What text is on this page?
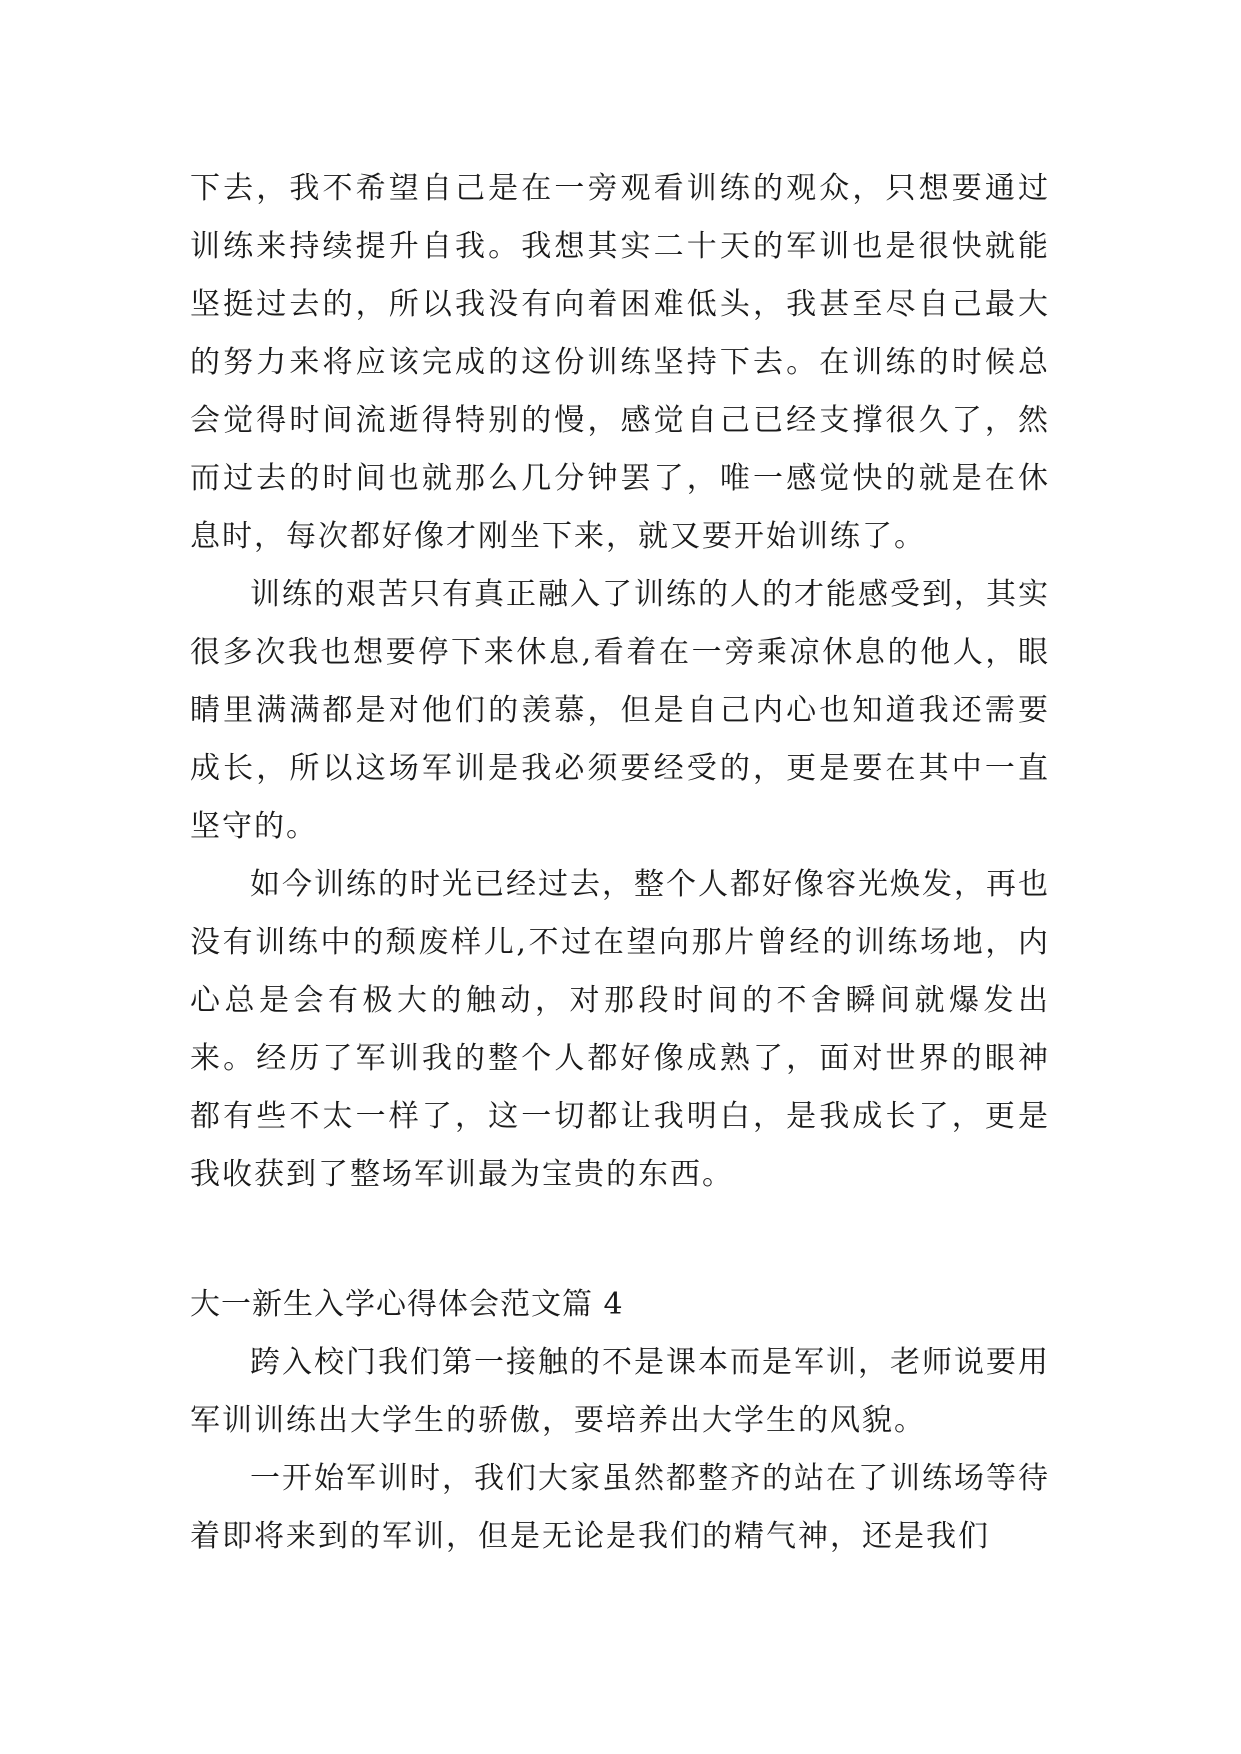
下去，我不希望自己是在一旁观看训练的观众，只想要通过训练来持续提升自我。我想其实二十天的军训也是很快就能坚挺过去的，所以我没有向着困难低头，我甚至尽自己最大的努力来将应该完成的这份训练坚持下去。在训练的时候总会觉得时间流逝得特别的慢，感觉自己已经支撑很久了，然而过去的时间也就那么几分钟罢了，唯一感觉快的就是在休息时，每次都好像才刚坐下来，就又要开始训练了。

训练的艰苦只有真正融入了训练的人的才能感受到，其实很多次我也想要停下来休息,看着在一旁乘凉休息的他人，眼睛里满满都是对他们的羡慕，但是自己内心也知道我还需要成长，所以这场军训是我必须要经受的，更是要在其中一直坚守的。

如今训练的时光已经过去，整个人都好像容光焕发，再也没有训练中的颓废样儿,不过在望向那片曾经的训练场地，内心总是会有极大的触动，对那段时间的不舍瞬间就爆发出来。经历了军训我的整个人都好像成熟了，面对世界的眼神都有些不太一样了，这一切都让我明白，是我成长了，更是我收获到了整场军训最为宝贵的东西。

大一新生入学心得体会范文篇 4

跨入校门我们第一接触的不是课本而是军训，老师说要用军训训练出大学生的骄傲，要培养出大学生的风貌。

一开始军训时，我们大家虽然都整齐的站在了训练场等待着即将来到的军训，但是无论是我们的精气神，还是我们
